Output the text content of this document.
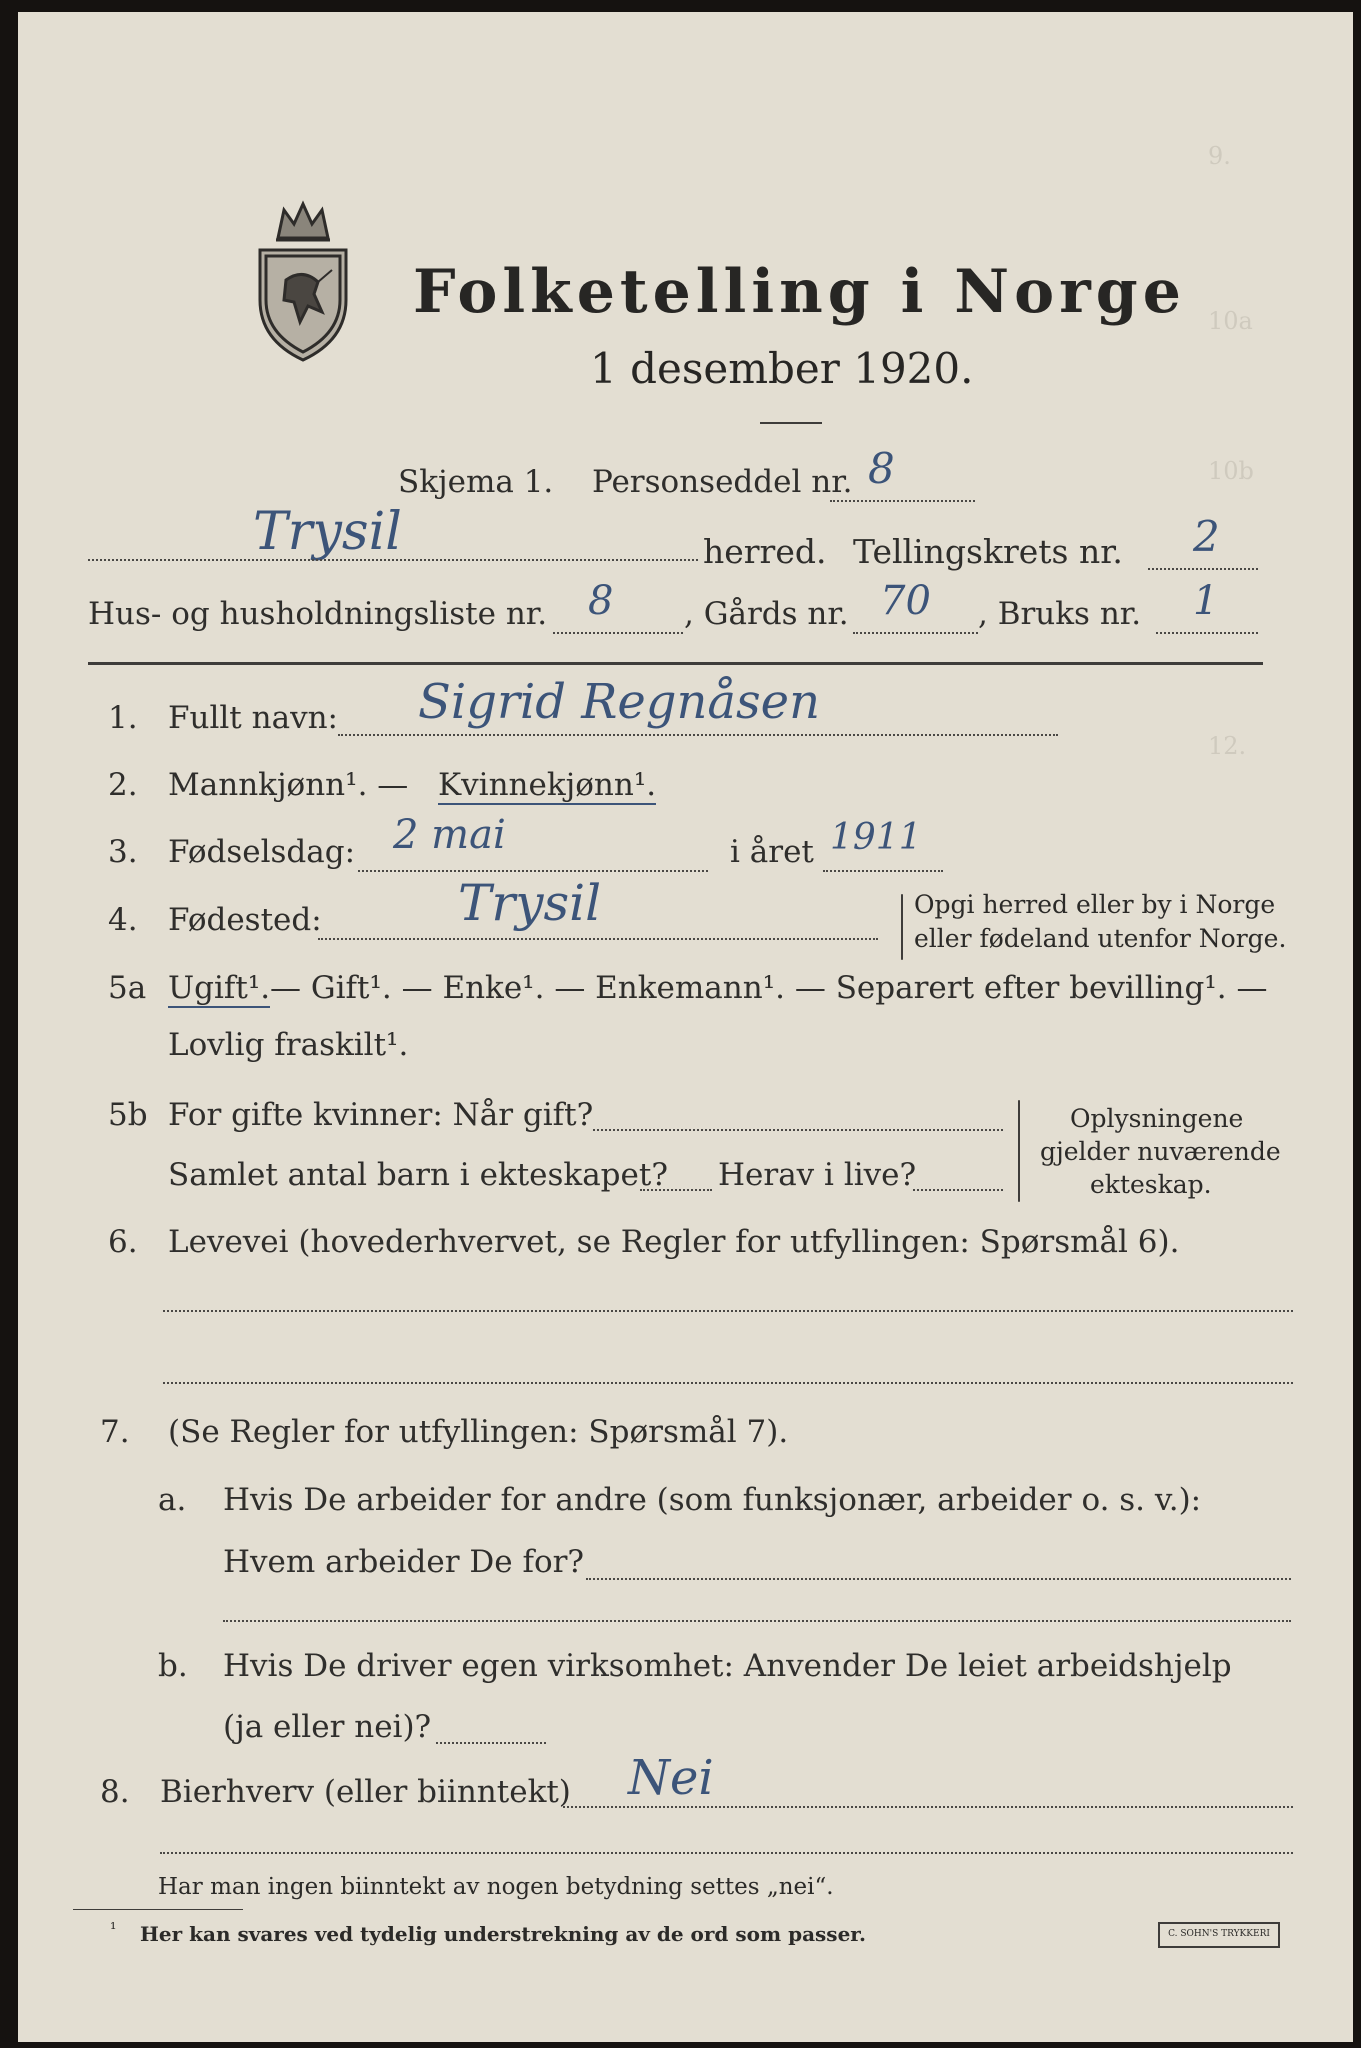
9.
10a
10b
12.
Folketelling i Norge
1 desember 1920.
Skjema 1. Personseddel nr. 8
Trysil	herred. Tellingskrets nr. 2
Hus- og husholdningsliste nr. 8 , Gårds nr. 70 , Bruks nr. 1
1. Fullt navn: Sigrid Regnåsen
2. Mannkjønn¹. — Kvinnekjønn¹.
3. Fødselsdag: 2 mai	i året 1911
4. Fødested:	Trysil	Opgi herred eller by i Norge
eller fødeland utenfor Norge.
5a Ugift¹. — Gift¹. — Enke¹. — Enkemann¹. — Separert efter bevilling¹. —
Lovlig fraskilt¹.
5b For gifte kvinner: Når gift?
Samlet antal barn i ekteskapet? Herav i live?
Oplysningene
gjelder nuværende
ekteskap.
6. Levevei (hovederhvervet, se Regler for utfyllingen: Spørsmål 6).
7. (Se Regler for utfyllingen: Spørsmål 7).
a. Hvis De arbeider for andre (som funksjonær, arbeider o. s. v.):
Hvem arbeider De for?
b. Hvis De driver egen virksomhet: Anvender De leiet arbeidshjelp
(ja eller nei)?
8. Bierhverv (eller biinntekt) Nei
Har man ingen biinntekt av nogen betydning settes „nei“.
¹ Her kan svares ved tydelig understrekning av de ord som passer.	C. SOHN'S TRYKKERI
